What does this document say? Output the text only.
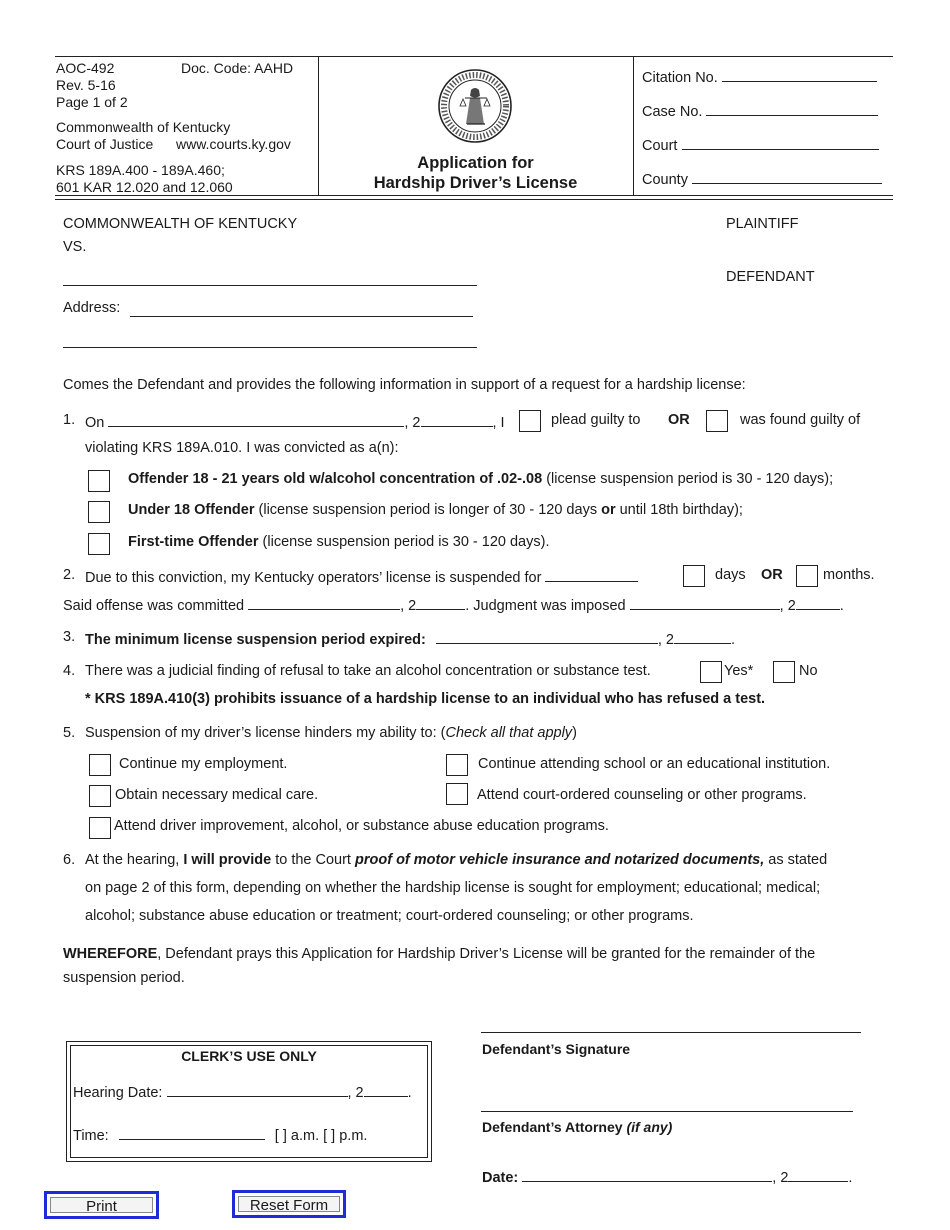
AOC-492	Doc. Code: AAHD
Rev. 5-16
Page 1 of 2
Commonwealth of Kentucky
Court of Justice www.courts.ky.gov
KRS 189A.400 - 189A.460;
601 KAR 12.020 and 12.060
Application for
Hardship Driver’s License
Citation No.
Case No.
Court
County
COMMONWEALTH OF KENTUCKY
VS.
PLAINTIFF
DEFENDANT
Address:
Comes the Defendant and provides the following information in support of a request for a hardship license:
1. On	, 2	, I	plead guilty to OR	was found guilty of
violating KRS 189A.010. I was convicted as a(n):
Offender 18 - 21 years old w/alcohol concentration of .02-.08 (license suspension period is 30 - 120 days);
Under 18 Offender (license suspension period is longer of 30 - 120 days or until 18th birthday);
First-time Offender (license suspension period is 30 - 120 days).
2. Due to this conviction, my Kentucky operators’ license is suspended for	days OR	months.
Said offense was committed	, 2	. Judgment was imposed	, 2	.
3. The minimum license suspension period expired:	, 2	.
4. There was a judicial finding of refusal to take an alcohol concentration or substance test.	Yes*	No
* KRS 189A.410(3) prohibits issuance of a hardship license to an individual who has refused a test.
5. Suspension of my driver’s license hinders my ability to: (Check all that apply)
Continue my employment.	Continue attending school or an educational institution.
Obtain necessary medical care.	Attend court-ordered counseling or other programs.
Attend driver improvement, alcohol, or substance abuse education programs.
6. At the hearing, I will provide to the Court proof of motor vehicle insurance and notarized documents, as stated
on page 2 of this form, depending on whether the hardship license is sought for employment; educational; medical;
alcohol; substance abuse education or treatment; court-ordered counseling; or other programs.
WHEREFORE, Defendant prays this Application for Hardship Driver’s License will be granted for the remainder of the
suspension period.
CLERK’S USE ONLY
Hearing Date:	, 2	.
Time:	[ ] a.m. [ ] p.m.
Defendant’s Signature
Defendant’s Attorney (if any)
Date:	, 2	.
Print	Reset Form
